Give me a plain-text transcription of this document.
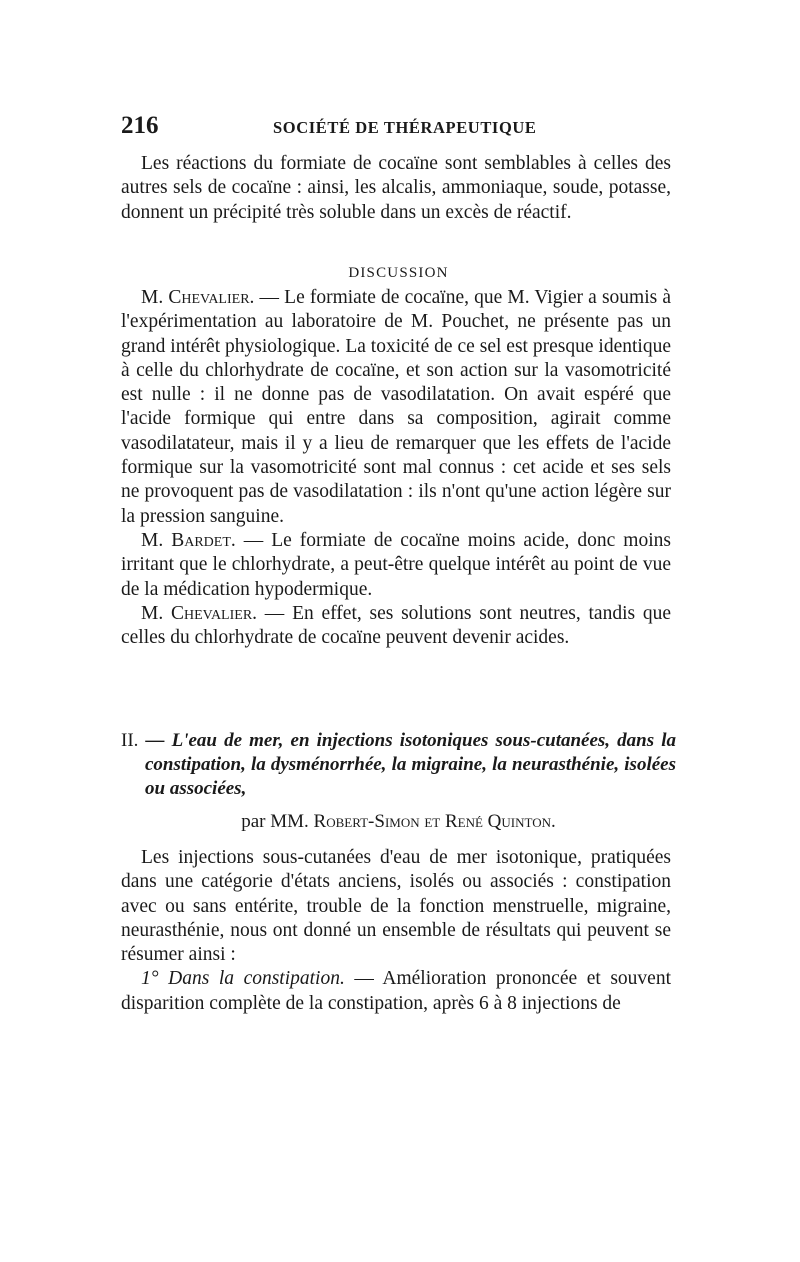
216	SOCIÉTÉ DE THÉRAPEUTIQUE

Les réactions du formiate de cocaïne sont semblables à celles des autres sels de cocaïne : ainsi, les alcalis, ammoniaque, soude, potasse, donnent un précipité très soluble dans un excès de réactif.

DISCUSSION

M. Chevalier. — Le formiate de cocaïne, que M. Vigier a soumis à l'expérimentation au laboratoire de M. Pouchet, ne présente pas un grand intérêt physiologique. La toxicité de ce sel est presque identique à celle du chlorhydrate de cocaïne, et son action sur la vasomotricité est nulle : il ne donne pas de vasodilatation. On avait espéré que l'acide formique qui entre dans sa composition, agirait comme vasodilatateur, mais il y a lieu de remarquer que les effets de l'acide formique sur la vasomotricité sont mal connus : cet acide et ses sels ne provoquent pas de vasodilatation : ils n'ont qu'une action légère sur la pression sanguine.

M. Bardet. — Le formiate de cocaïne moins acide, donc moins irritant que le chlorhydrate, a peut-être quelque intérêt au point de vue de la médication hypodermique.

M. Chevalier. — En effet, ses solutions sont neutres, tandis que celles du chlorhydrate de cocaïne peuvent devenir acides.

II. — L'eau de mer, en injections isotoniques sous-cutanées, dans la constipation, la dysménorrhée, la migraine, la neurasthénie, isolées ou associées,
par MM. Robert-Simon et René Quinton.

Les injections sous-cutanées d'eau de mer isotonique, pratiquées dans une catégorie d'états anciens, isolés ou associés : constipation avec ou sans entérite, trouble de la fonction menstruelle, migraine, neurasthénie, nous ont donné un ensemble de résultats qui peuvent se résumer ainsi :

1° Dans la constipation. — Amélioration prononcée et souvent disparition complète de la constipation, après 6 à 8 injections de
